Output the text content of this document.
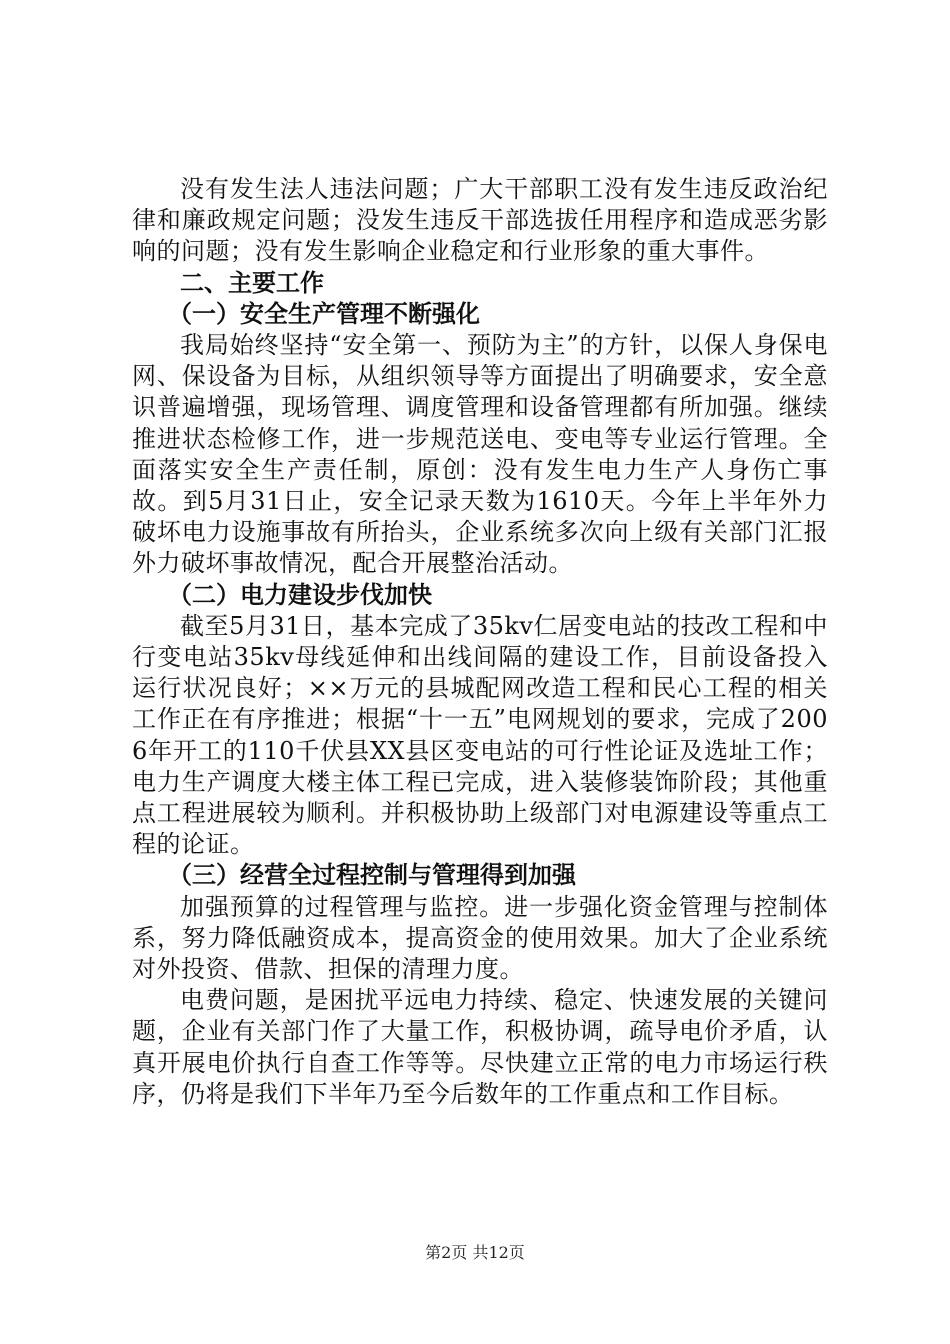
没有发生法人违法问题；广大干部职工没有发生违反政治纪律和廉政规定问题；没发生违反干部选拔任用程序和造成恶劣影响的问题；没有发生影响企业稳定和行业形象的重大事件。

二、主要工作

（一）安全生产管理不断强化

我局始终坚持“安全第一、预防为主”的方针，以保人身保电网、保设备为目标，从组织领导等方面提出了明确要求，安全意识普遍增强，现场管理、调度管理和设备管理都有所加强。继续推进状态检修工作，进一步规范送电、变电等专业运行管理。全面落实安全生产责任制，原创：没有发生电力生产人身伤亡事故。到5月31日止，安全记录天数为1610天。今年上半年外力破坏电力设施事故有所抬头，企业系统多次向上级有关部门汇报外力破坏事故情况，配合开展整治活动。

（二）电力建设步伐加快

截至5月31日，基本完成了35kv仁居变电站的技改工程和中行变电站35kv母线延伸和出线间隔的建设工作，目前设备投入运行状况良好；××万元的县城配网改造工程和民心工程的相关工作正在有序推进；根据“十一五”电网规划的要求，完成了2006年开工的110千伏县XX县区变电站的可行性论证及选址工作；电力生产调度大楼主体工程已完成，进入装修装饰阶段；其他重点工程进展较为顺利。并积极协助上级部门对电源建设等重点工程的论证。

（三）经营全过程控制与管理得到加强

加强预算的过程管理与监控。进一步强化资金管理与控制体系，努力降低融资成本，提高资金的使用效果。加大了企业系统对外投资、借款、担保的清理力度。

电费问题，是困扰平远电力持续、稳定、快速发展的关键问题，企业有关部门作了大量工作，积极协调，疏导电价矛盾，认真开展电价执行自查工作等等。尽快建立正常的电力市场运行秩序，仍将是我们下半年乃至今后数年的工作重点和工作目标。

第2页 共12页
